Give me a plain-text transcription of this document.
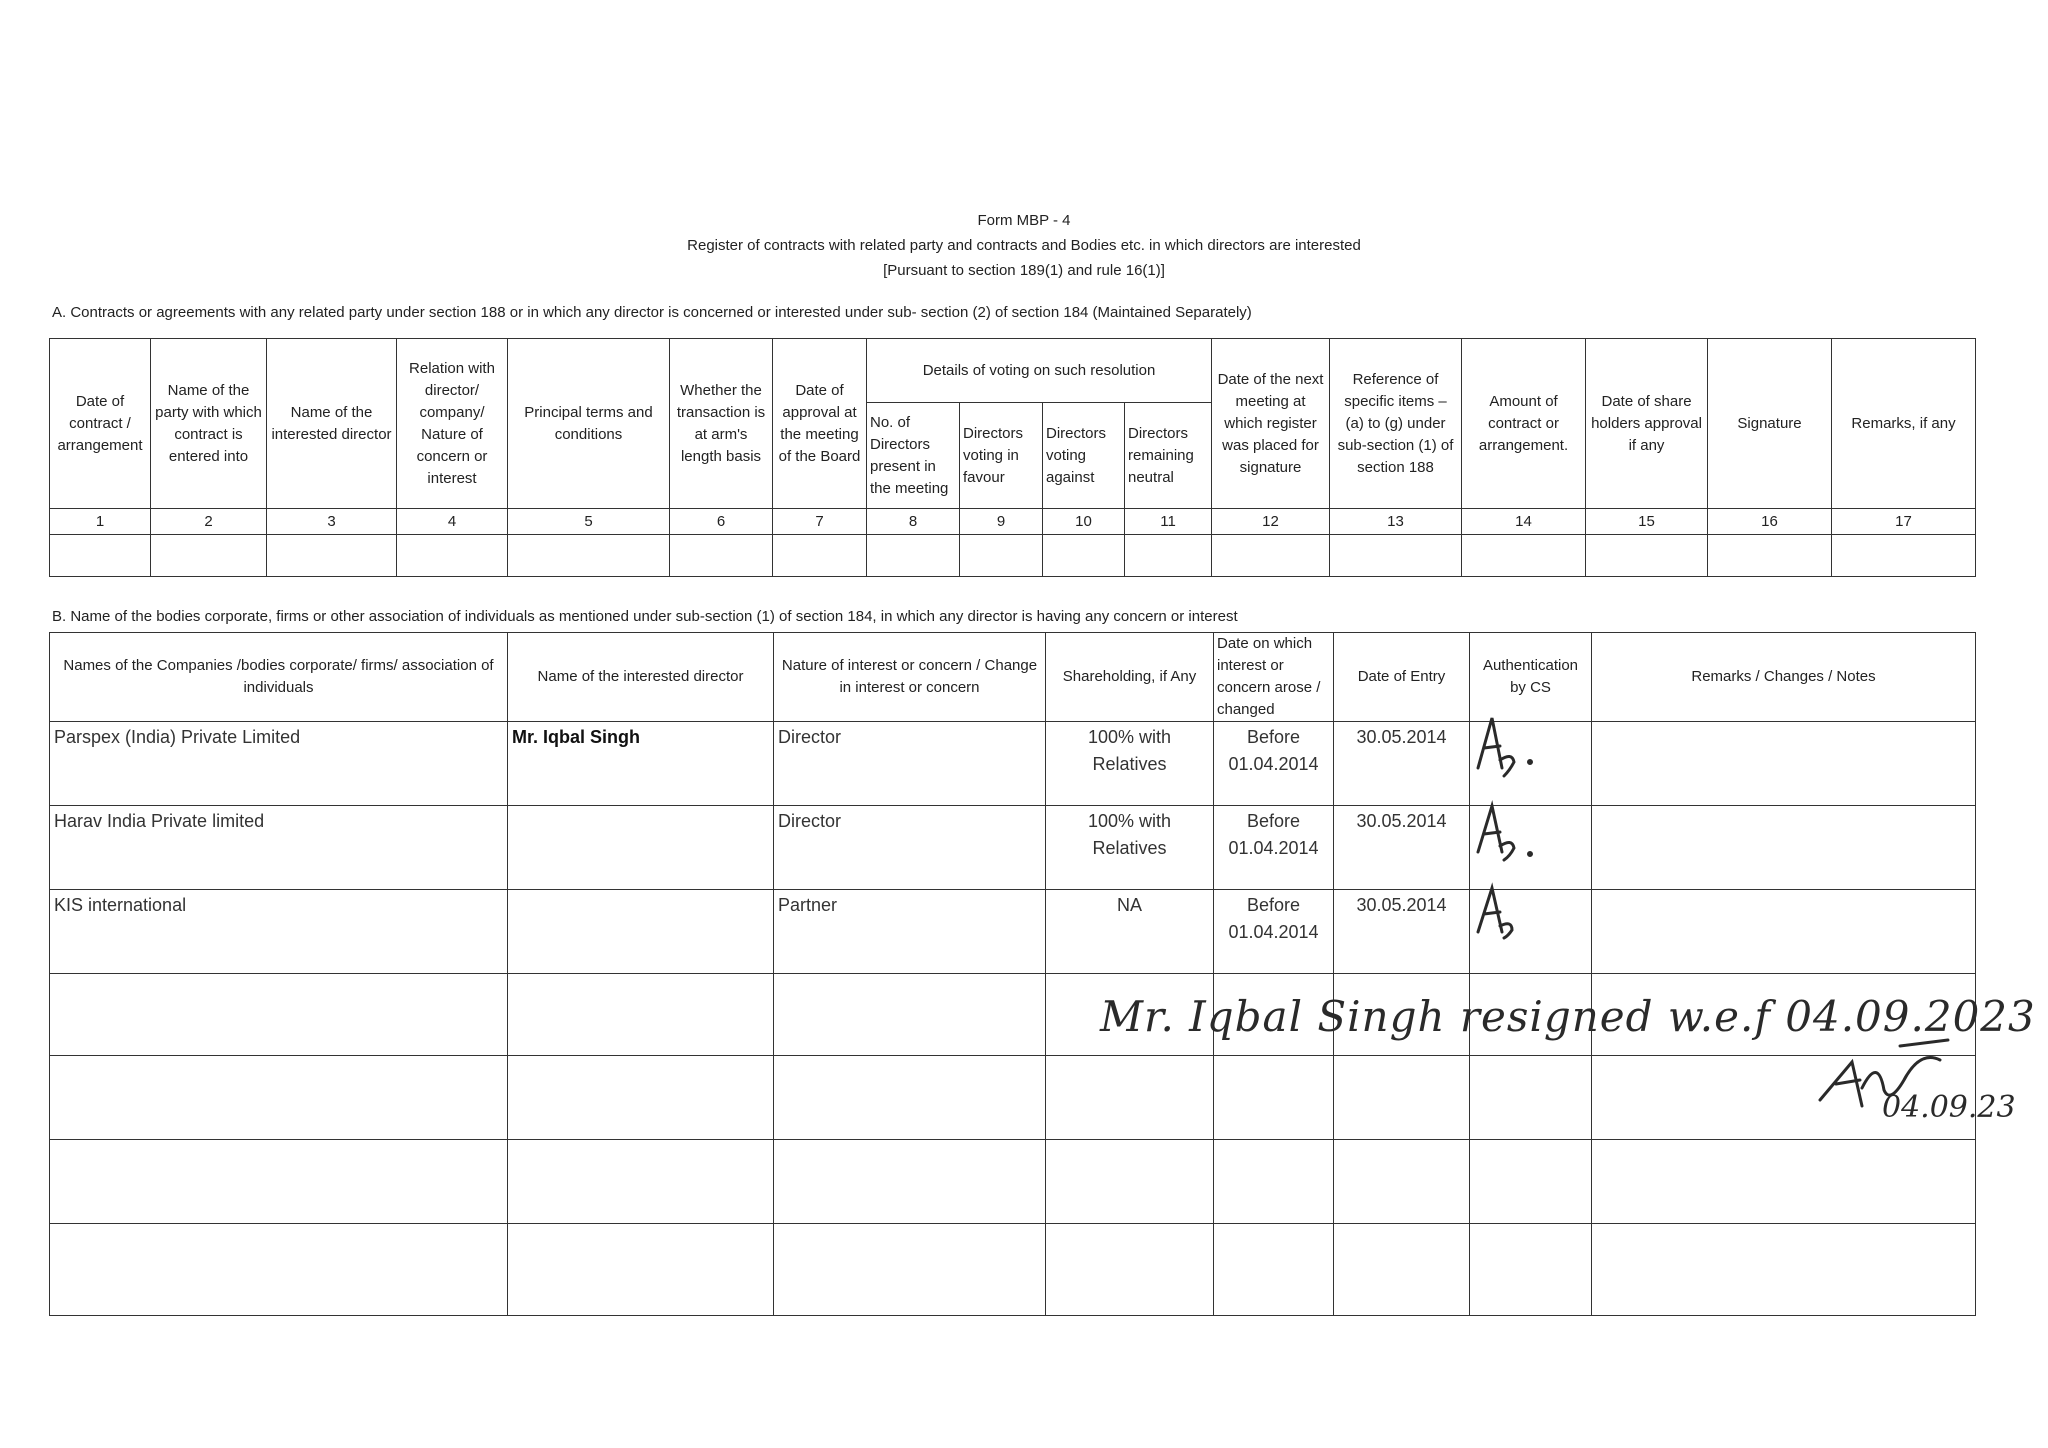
Form MBP - 4
Register of contracts with related party and contracts and Bodies etc. in which directors are interested
[Pursuant to section 189(1) and rule 16(1)]
A. Contracts or agreements with any related party under section 188 or in which any director is concerned or interested under sub- section (2) of section 184 (Maintained Separately)
Date of contract / arrangement	Name of the party with which contract is entered into	Name of the interested director	Relation with director/ company/ Nature of concern or interest	Principal terms and conditions	Whether the transaction is at arm's length basis	Date of approval at the meeting of the Board	Details of voting on such resolution				Date of the next meeting at which register was placed for signature	Reference of specific items – (a) to (g) under sub-section (1) of section 188	Amount of contract or arrangement.	Date of share holders approval if any	Signature	Remarks, if any
							No. of Directors present in the meeting	Directors voting in favour	Directors voting against	Directors remaining neutral						
1	2	3	4	5	6	7	8	9	10	11	12	13	14	15	16	17

B. Name of the bodies corporate, firms or other association of individuals as mentioned under sub-section (1) of section 184, in which any director is having any concern or interest
Names of the Companies /bodies corporate/ firms/ association of individuals	Name of the interested director	Nature of interest or concern / Change in interest or concern	Shareholding, if Any	Date on which interest or concern arose / changed	Date of Entry	Authentication by CS	Remarks / Changes / Notes
Parspex (India) Private Limited	Mr. Iqbal Singh	Director	100% with Relatives	Before 01.04.2014	30.05.2014		
Harav India Private limited		Director	100% with Relatives	Before 01.04.2014	30.05.2014		
KIS international		Partner	NA	Before 01.04.2014	30.05.2014		

Mr. Iqbal Singh resigned w.e.f 04.09.2023
04.09.23
